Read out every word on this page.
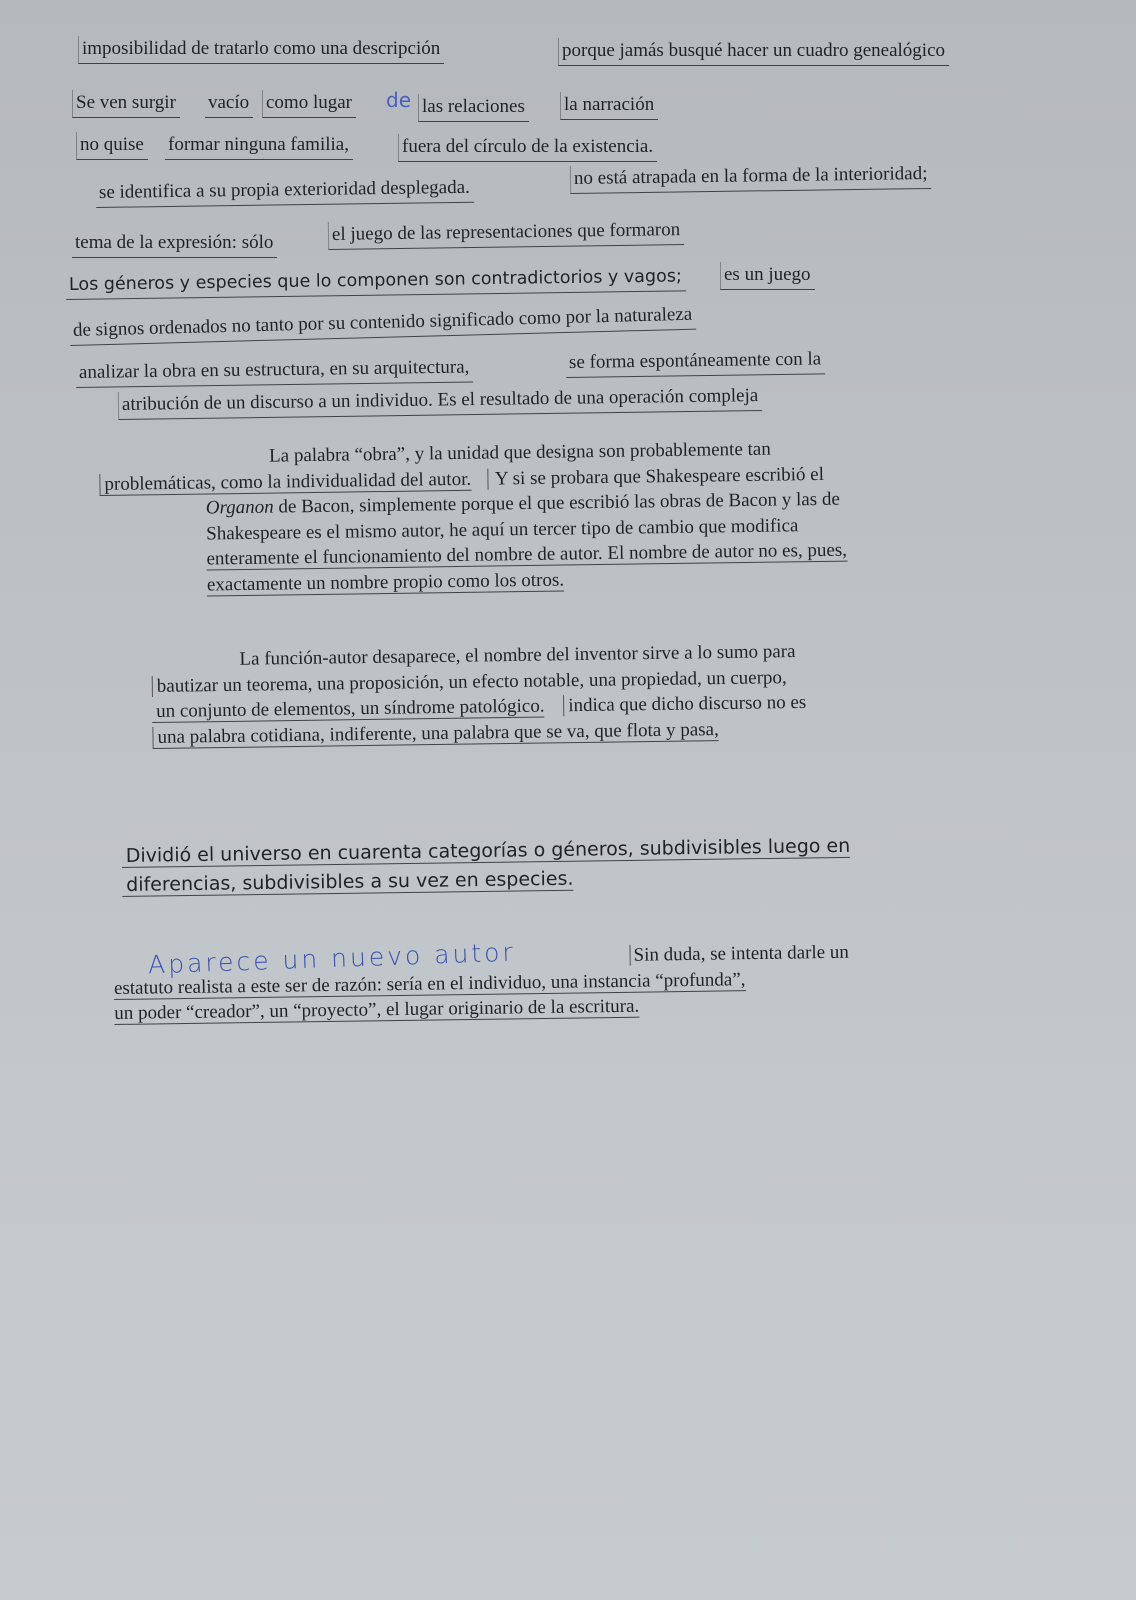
imposibilidad de tratarlo como una descripción	porque jamás busqué hacer un cuadro genealógico
Se ven surgir vacío como lugar de las relaciones la narración
no quise formar ninguna familia,	fuera del círculo de la existencia.
se identifica a su propia exterioridad desplegada.
no está atrapada en la forma de la interioridad;
tema de la expresión: sólo	el juego de las representaciones que formaron
Los géneros y especies que lo componen son contradictorios y vagos; es un juego
de signos ordenados no tanto por su contenido significado como por la naturaleza
analizar la obra en su estructura, en su arquitectura,	se forma espontáneamente con la
atribución de un discurso a un individuo. Es el resultado de una operación compleja
La palabra “obra”, y la unidad que designa son probablemente tan
problemáticas, como la individualidad del autor. Y si se probara que Shakespeare escribió el
Organon de Bacon, simplemente porque el que escribió las obras de Bacon y las de
Shakespeare es el mismo autor, he aquí un tercer tipo de cambio que modifica
enteramente el funcionamiento del nombre de autor. El nombre de autor no es, pues,
exactamente un nombre propio como los otros.
La función-autor desaparece, el nombre del inventor sirve a lo sumo para
bautizar un teorema, una proposición, un efecto notable, una propiedad, un cuerpo,
un conjunto de elementos, un síndrome patológico. indica que dicho discurso no es
una palabra cotidiana, indiferente, una palabra que se va, que flota y pasa,
Dividió el universo en cuarenta categorías o géneros, subdivisibles luego en
diferencias, subdivisibles a su vez en especies.
Aparece un nuevo autor	Sin duda, se intenta darle un
estatuto realista a este ser de razón: sería en el individuo, una instancia “profunda”,
un poder “creador”, un “proyecto”, el lugar originario de la escritura.
